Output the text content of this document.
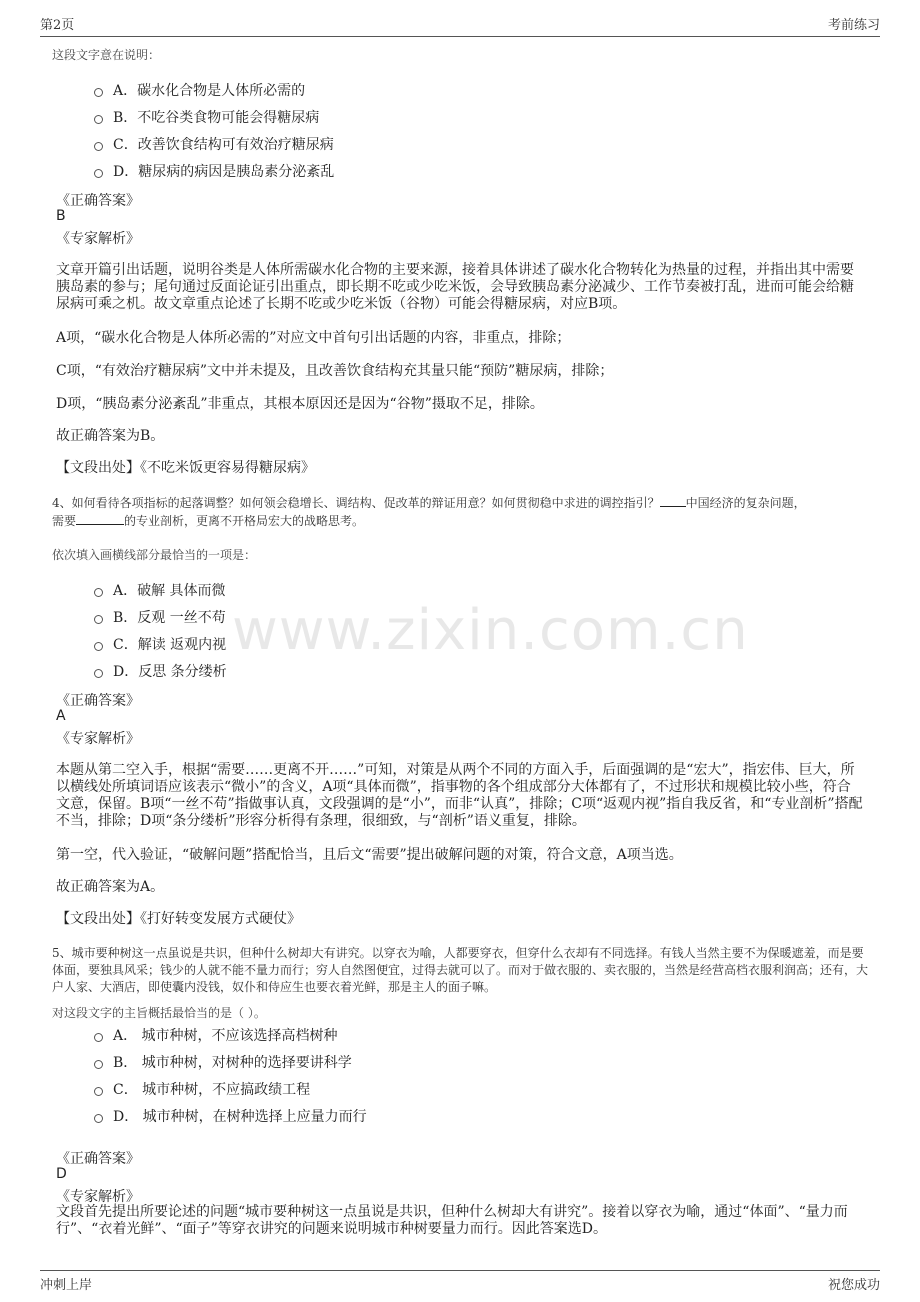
第2页	考前练习
www.zixin.com.cn
这段文字意在说明：
A．碳水化合物是人体所必需的
B．不吃谷类食物可能会得糖尿病
C．改善饮食结构可有效治疗糖尿病
D．糖尿病的病因是胰岛素分泌紊乱
《正确答案》
B
《专家解析》
文章开篇引出话题，说明谷类是人体所需碳水化合物的主要来源，接着具体讲述了碳水化合物转化为热量的过程，并指出其中需要胰岛素的参与；尾句通过反面论证引出重点，即长期不吃或少吃米饭，会导致胰岛素分泌减少、工作节奏被打乱，进而可能会给糖尿病可乘之机。故文章重点论述了长期不吃或少吃米饭（谷物）可能会得糖尿病，对应B项。
A项，“碳水化合物是人体所必需的”对应文中首句引出话题的内容，非重点，排除；
C项，“有效治疗糖尿病”文中并未提及，且改善饮食结构充其量只能“预防”糖尿病，排除；
D项，“胰岛素分泌紊乱”非重点，其根本原因还是因为“谷物”摄取不足，排除。
故正确答案为B。
【文段出处】《不吃米饭更容易得糖尿病》
4、如何看待各项指标的起落调整？如何领会稳增长、调结构、促改革的辩证用意？如何贯彻稳中求进的调控指引？ 中国经济的复杂问题，
需要	的专业剖析，更离不开格局宏大的战略思考。
依次填入画横线部分最恰当的一项是：
A．破解 具体而微
B．反观 一丝不苟
C．解读 返观内视
D．反思 条分缕析
《正确答案》
A
《专家解析》
本题从第二空入手，根据“需要……更离不开……”可知，对策是从两个不同的方面入手，后面强调的是“宏大”，指宏伟、巨大，所以横线处所填词语应该表示“微小”的含义，A项“具体而微”，指事物的各个组成部分大体都有了，不过形状和规模比较小些，符合文意，保留。B项“一丝不苟”指做事认真，文段强调的是“小”，而非“认真”，排除；C项“返观内视”指自我反省，和“专业剖析”搭配不当，排除；D项“条分缕析”形容分析得有条理，很细致，与“剖析”语义重复，排除。
第一空，代入验证，“破解问题”搭配恰当，且后文“需要”提出破解问题的对策，符合文意，A项当选。
故正确答案为A。
【文段出处】《打好转变发展方式硬仗》
5、城市要种树这一点虽说是共识，但种什么树却大有讲究。以穿衣为喻，人都要穿衣，但穿什么衣却有不同选择。有钱人当然主要不为保暖遮羞，而是要体面，要独具风采；钱少的人就不能不量力而行；穷人自然图便宜，过得去就可以了。而对于做衣服的、卖衣服的，当然是经营高档衣服利润高；还有，大户人家、大酒店，即使囊内没钱，奴仆和侍应生也要衣着光鲜，那是主人的面子嘛。
对这段文字的主旨概括最恰当的是（ ）。
A． 城市种树，不应该选择高档树种
B． 城市种树，对树种的选择要讲科学
C． 城市种树，不应搞政绩工程
D． 城市种树，在树种选择上应量力而行
《正确答案》
D
《专家解析》
文段首先提出所要论述的问题“城市要种树这一点虽说是共识，但种什么树却大有讲究”。接着以穿衣为喻，通过“体面”、“量力而行”、“衣着光鲜”、“面子”等穿衣讲究的问题来说明城市种树要量力而行。因此答案选D。
冲刺上岸	祝您成功
